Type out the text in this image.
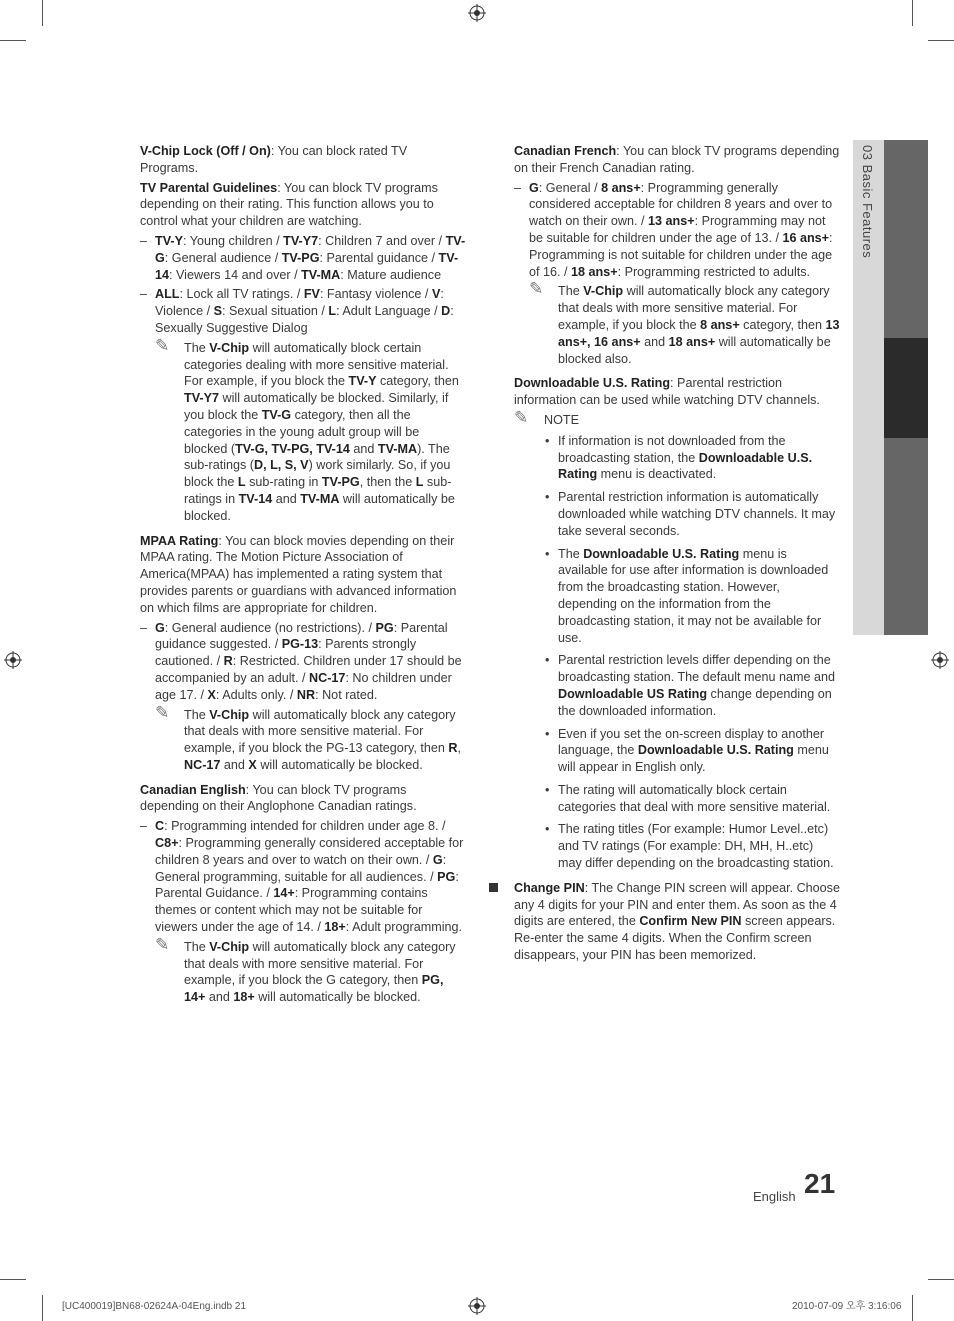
03 Basic Features

V-Chip Lock (Off / On): You can block rated TV Programs.

TV Parental Guidelines: You can block TV programs depending on their rating. This function allows you to control what your children are watching.

– TV-Y: Young children / TV-Y7: Children 7 and over / TV-G: General audience / TV-PG: Parental guidance / TV-14: Viewers 14 and over / TV-MA: Mature audience
– ALL: Lock all TV ratings. / FV: Fantasy violence / V: Violence / S: Sexual situation / L: Adult Language / D: Sexually Suggestive Dialog
✎ The V-Chip will automatically block certain categories dealing with more sensitive material. For example, if you block the TV-Y category, then TV-Y7 will automatically be blocked. Similarly, if you block the TV-G category, then all the categories in the young adult group will be blocked (TV-G, TV-PG, TV-14 and TV-MA). The sub-ratings (D, L, S, V) work similarly. So, if you block the L sub-rating in TV-PG, then the L sub-ratings in TV-14 and TV-MA will automatically be blocked.

MPAA Rating: You can block movies depending on their MPAA rating. The Motion Picture Association of America(MPAA) has implemented a rating system that provides parents or guardians with advanced information on which films are appropriate for children.

– G: General audience (no restrictions). / PG: Parental guidance suggested. / PG-13: Parents strongly cautioned. / R: Restricted. Children under 17 should be accompanied by an adult. / NC-17: No children under age 17. / X: Adults only. / NR: Not rated.
✎ The V-Chip will automatically block any category that deals with more sensitive material. For example, if you block the PG-13 category, then R, NC-17 and X will automatically be blocked.

Canadian English: You can block TV programs depending on their Anglophone Canadian ratings.

– C: Programming intended for children under age 8. / C8+: Programming generally considered acceptable for children 8 years and over to watch on their own. / G: General programming, suitable for all audiences. / PG: Parental Guidance. / 14+: Programming contains themes or content which may not be suitable for viewers under the age of 14. / 18+: Adult programming.
✎ The V-Chip will automatically block any category that deals with more sensitive material. For example, if you block the G category, then PG, 14+ and 18+ will automatically be blocked.

Canadian French: You can block TV programs depending on their French Canadian rating.

– G: General / 8 ans+: Programming generally considered acceptable for children 8 years and over to watch on their own. / 13 ans+: Programming may not be suitable for children under the age of 13. / 16 ans+: Programming is not suitable for children under the age of 16. / 18 ans+: Programming restricted to adults.
✎ The V-Chip will automatically block any category that deals with more sensitive material. For example, if you block the 8 ans+ category, then 13 ans+, 16 ans+ and 18 ans+ will automatically be blocked also.

Downloadable U.S. Rating: Parental restriction information can be used while watching DTV channels.

✎ NOTE
• If information is not downloaded from the broadcasting station, the Downloadable U.S. Rating menu is deactivated.
• Parental restriction information is automatically downloaded while watching DTV channels. It may take several seconds.
• The Downloadable U.S. Rating menu is available for use after information is downloaded from the broadcasting station. However, depending on the information from the broadcasting station, it may not be available for use.
• Parental restriction levels differ depending on the broadcasting station. The default menu name and Downloadable US Rating change depending on the downloaded information.
• Even if you set the on-screen display to another language, the Downloadable U.S. Rating menu will appear in English only.
• The rating will automatically block certain categories that deal with more sensitive material.
• The rating titles (For example: Humor Level..etc) and TV ratings (For example: DH, MH, H..etc) may differ depending on the broadcasting station.
Change PIN: The Change PIN screen will appear. Choose any 4 digits for your PIN and enter them. As soon as the 4 digits are entered, the Confirm New PIN screen appears. Re-enter the same 4 digits. When the Confirm screen disappears, your PIN has been memorized.
English 21
[UC400019]BN68-02624A-04Eng.indb 21	2010-07-09 오후 3:16:06
